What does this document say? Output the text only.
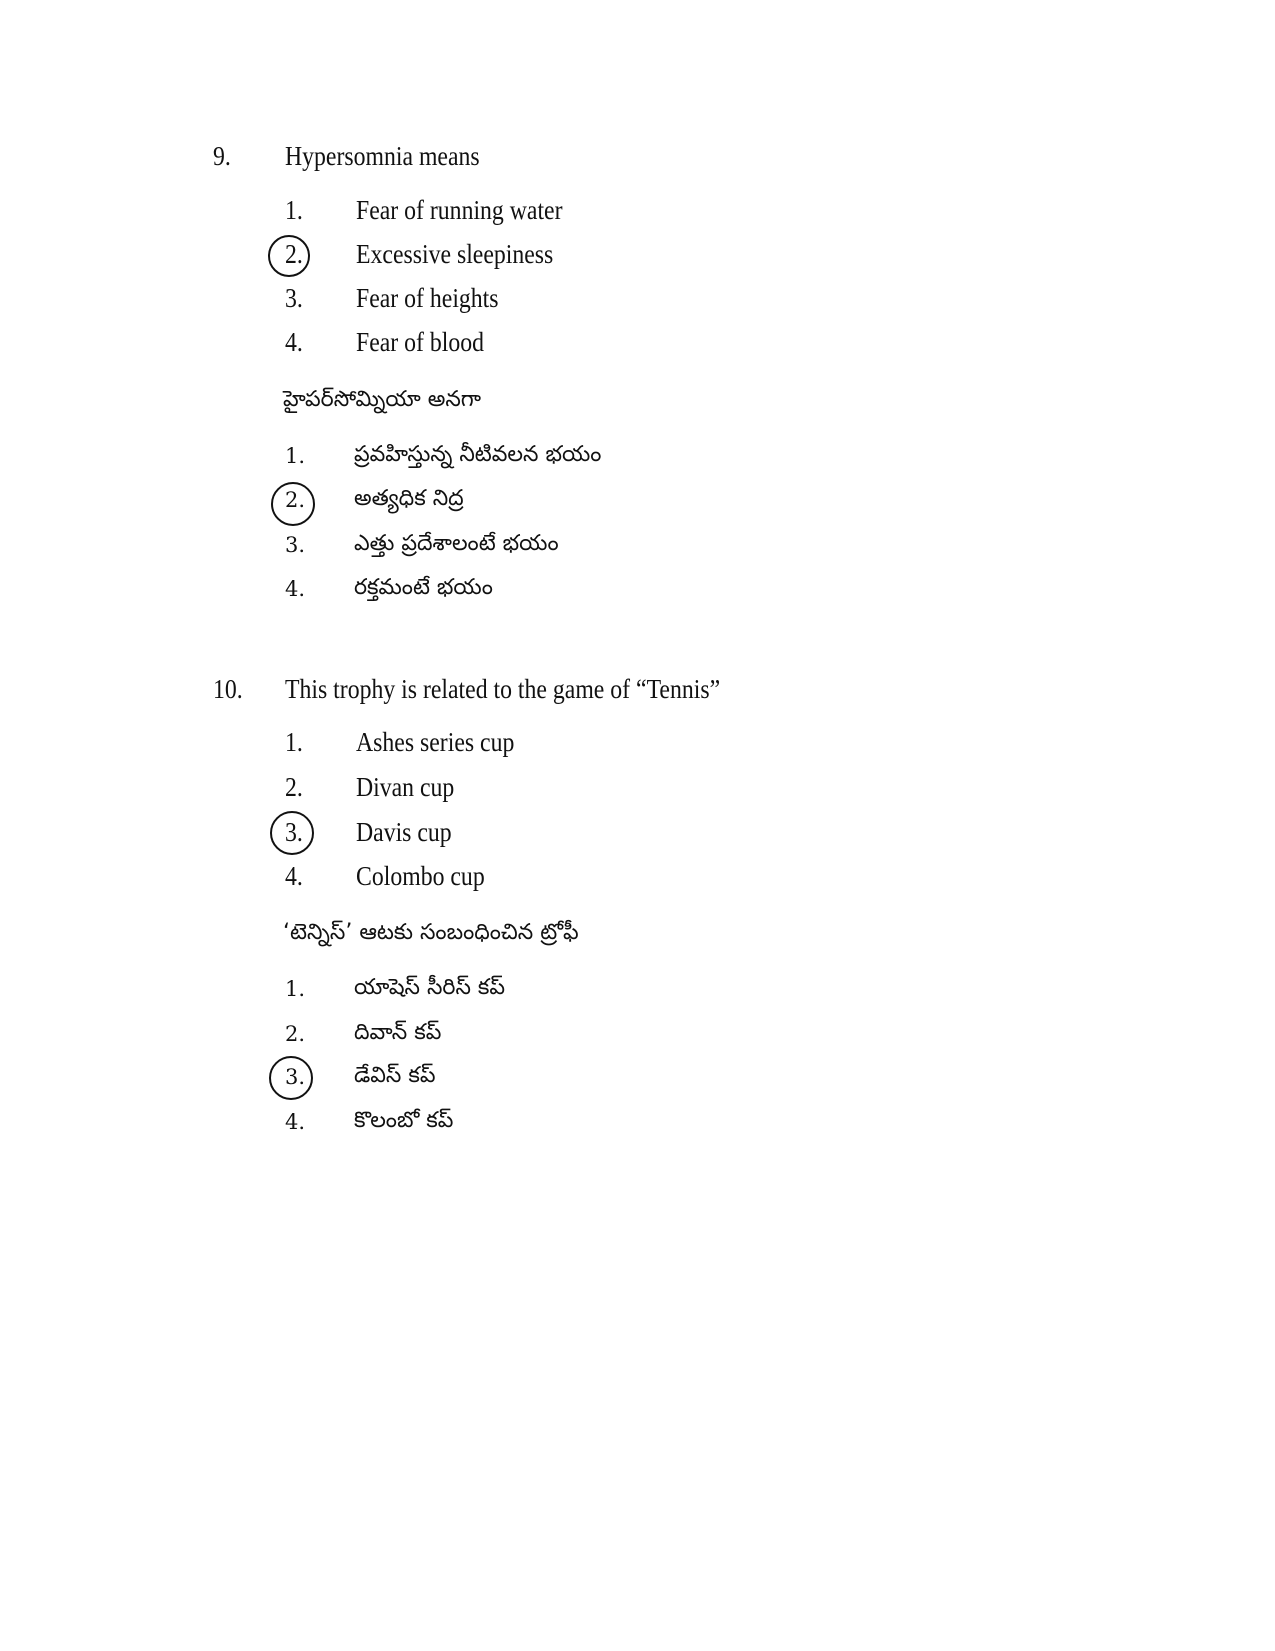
9. Hypersomnia means
1. Fear of running water
2. Excessive sleepiness
3. Fear of heights
4. Fear of blood
హైపర్‌సోమ్నియా అనగా
1. ప్రవహిస్తున్న నీటివలన భయం
2. అత్యధిక నిద్ర
3. ఎత్తు ప్రదేశాలంటే భయం
4. రక్తమంటే భయం
10. This trophy is related to the game of “Tennis”
1. Ashes series cup
2. Divan cup
3. Davis cup
4. Colombo cup
‘టెన్నిస్’ ఆటకు సంబంధించిన ట్రోఫీ
1. యాషెస్ సీరిస్ కప్
2. దివాన్ కప్
3. డేవిస్ కప్
4. కొలంబో కప్
